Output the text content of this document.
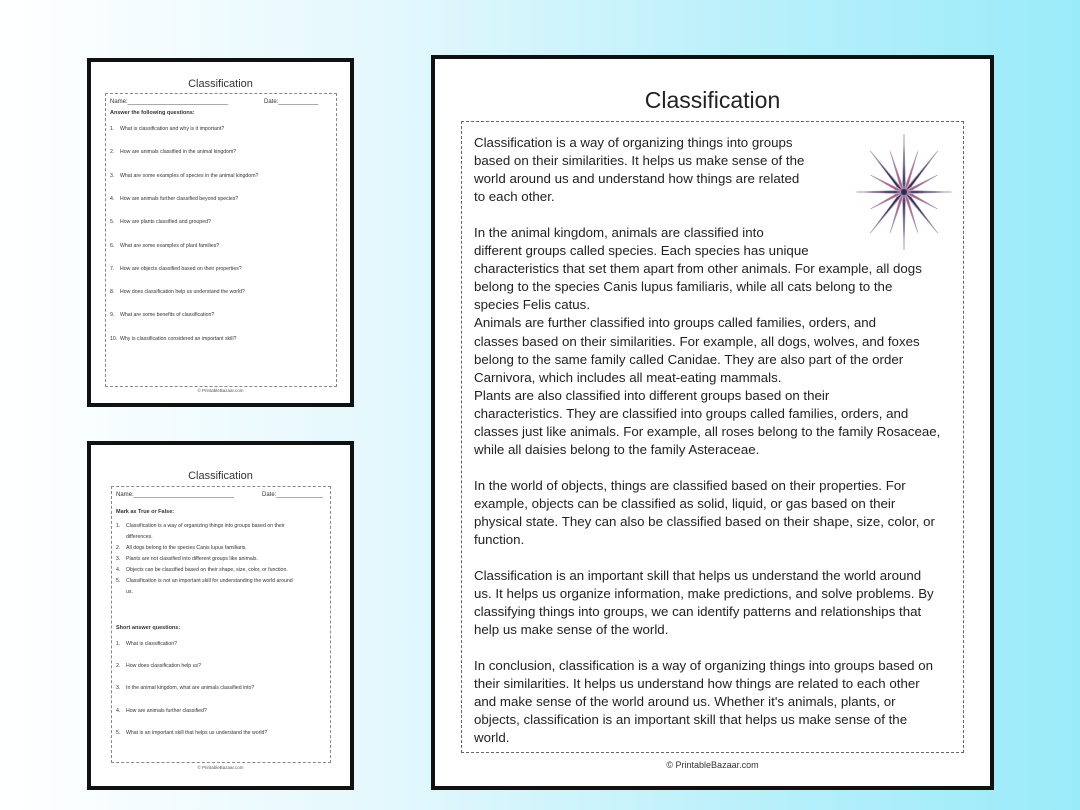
Classification
Name:______________________________	Date:____________
Answer the following questions:
1. What is classification and why is it important?
2. How are animals classified in the animal kingdom?
3. What are some examples of species in the animal kingdom?
4. How are animals further classified beyond species?
5. How are plants classified and grouped?
6. What are some examples of plant families?
7. How are objects classified based on their properties?
8. How does classification help us understand the world?
9. What are some benefits of classification?
10. Why is classification considered an important skill?
© PrintableBazaar.com
Classification
Name:______________________________	Date:______________
Mark as True or False:
1. Classification is a way of organizing things into groups based on their
differences.
2. All dogs belong to the species Canis lupus familiaris.
3. Plants are not classified into different groups like animals.
4. Objects can be classified based on their shape, size, color, or function.
5. Classification is not an important skill for understanding the world around
us.
Short answer questions:
1. What is classification?
2. How does classification help us?
3. In the animal kingdom, what are animals classified into?
4. How are animals further classified?
5. What is an important skill that helps us understand the world?
© PrintableBazaar.com
Classification

Classification is a way of organizing things into groups
based on their similarities. It helps us make sense of the
world around us and understand how things are related
to each other.

In the animal kingdom, animals are classified into
different groups called species. Each species has unique
characteristics that set them apart from other animals. For example, all dogs
belong to the species Canis lupus familiaris, while all cats belong to the
species Felis catus.
Animals are further classified into groups called families, orders, and
classes based on their similarities. For example, all dogs, wolves, and foxes
belong to the same family called Canidae. They are also part of the order
Carnivora, which includes all meat-eating mammals.
Plants are also classified into different groups based on their
characteristics. They are classified into groups called families, orders, and
classes just like animals. For example, all roses belong to the family Rosaceae,
while all daisies belong to the family Asteraceae.

In the world of objects, things are classified based on their properties. For
example, objects can be classified as solid, liquid, or gas based on their
physical state. They can also be classified based on their shape, size, color, or
function.

Classification is an important skill that helps us understand the world around
us. It helps us organize information, make predictions, and solve problems. By
classifying things into groups, we can identify patterns and relationships that
help us make sense of the world.

In conclusion, classification is a way of organizing things into groups based on
their similarities. It helps us understand how things are related to each other
and make sense of the world around us. Whether it's animals, plants, or
objects, classification is an important skill that helps us make sense of the
world.

© PrintableBazaar.com
